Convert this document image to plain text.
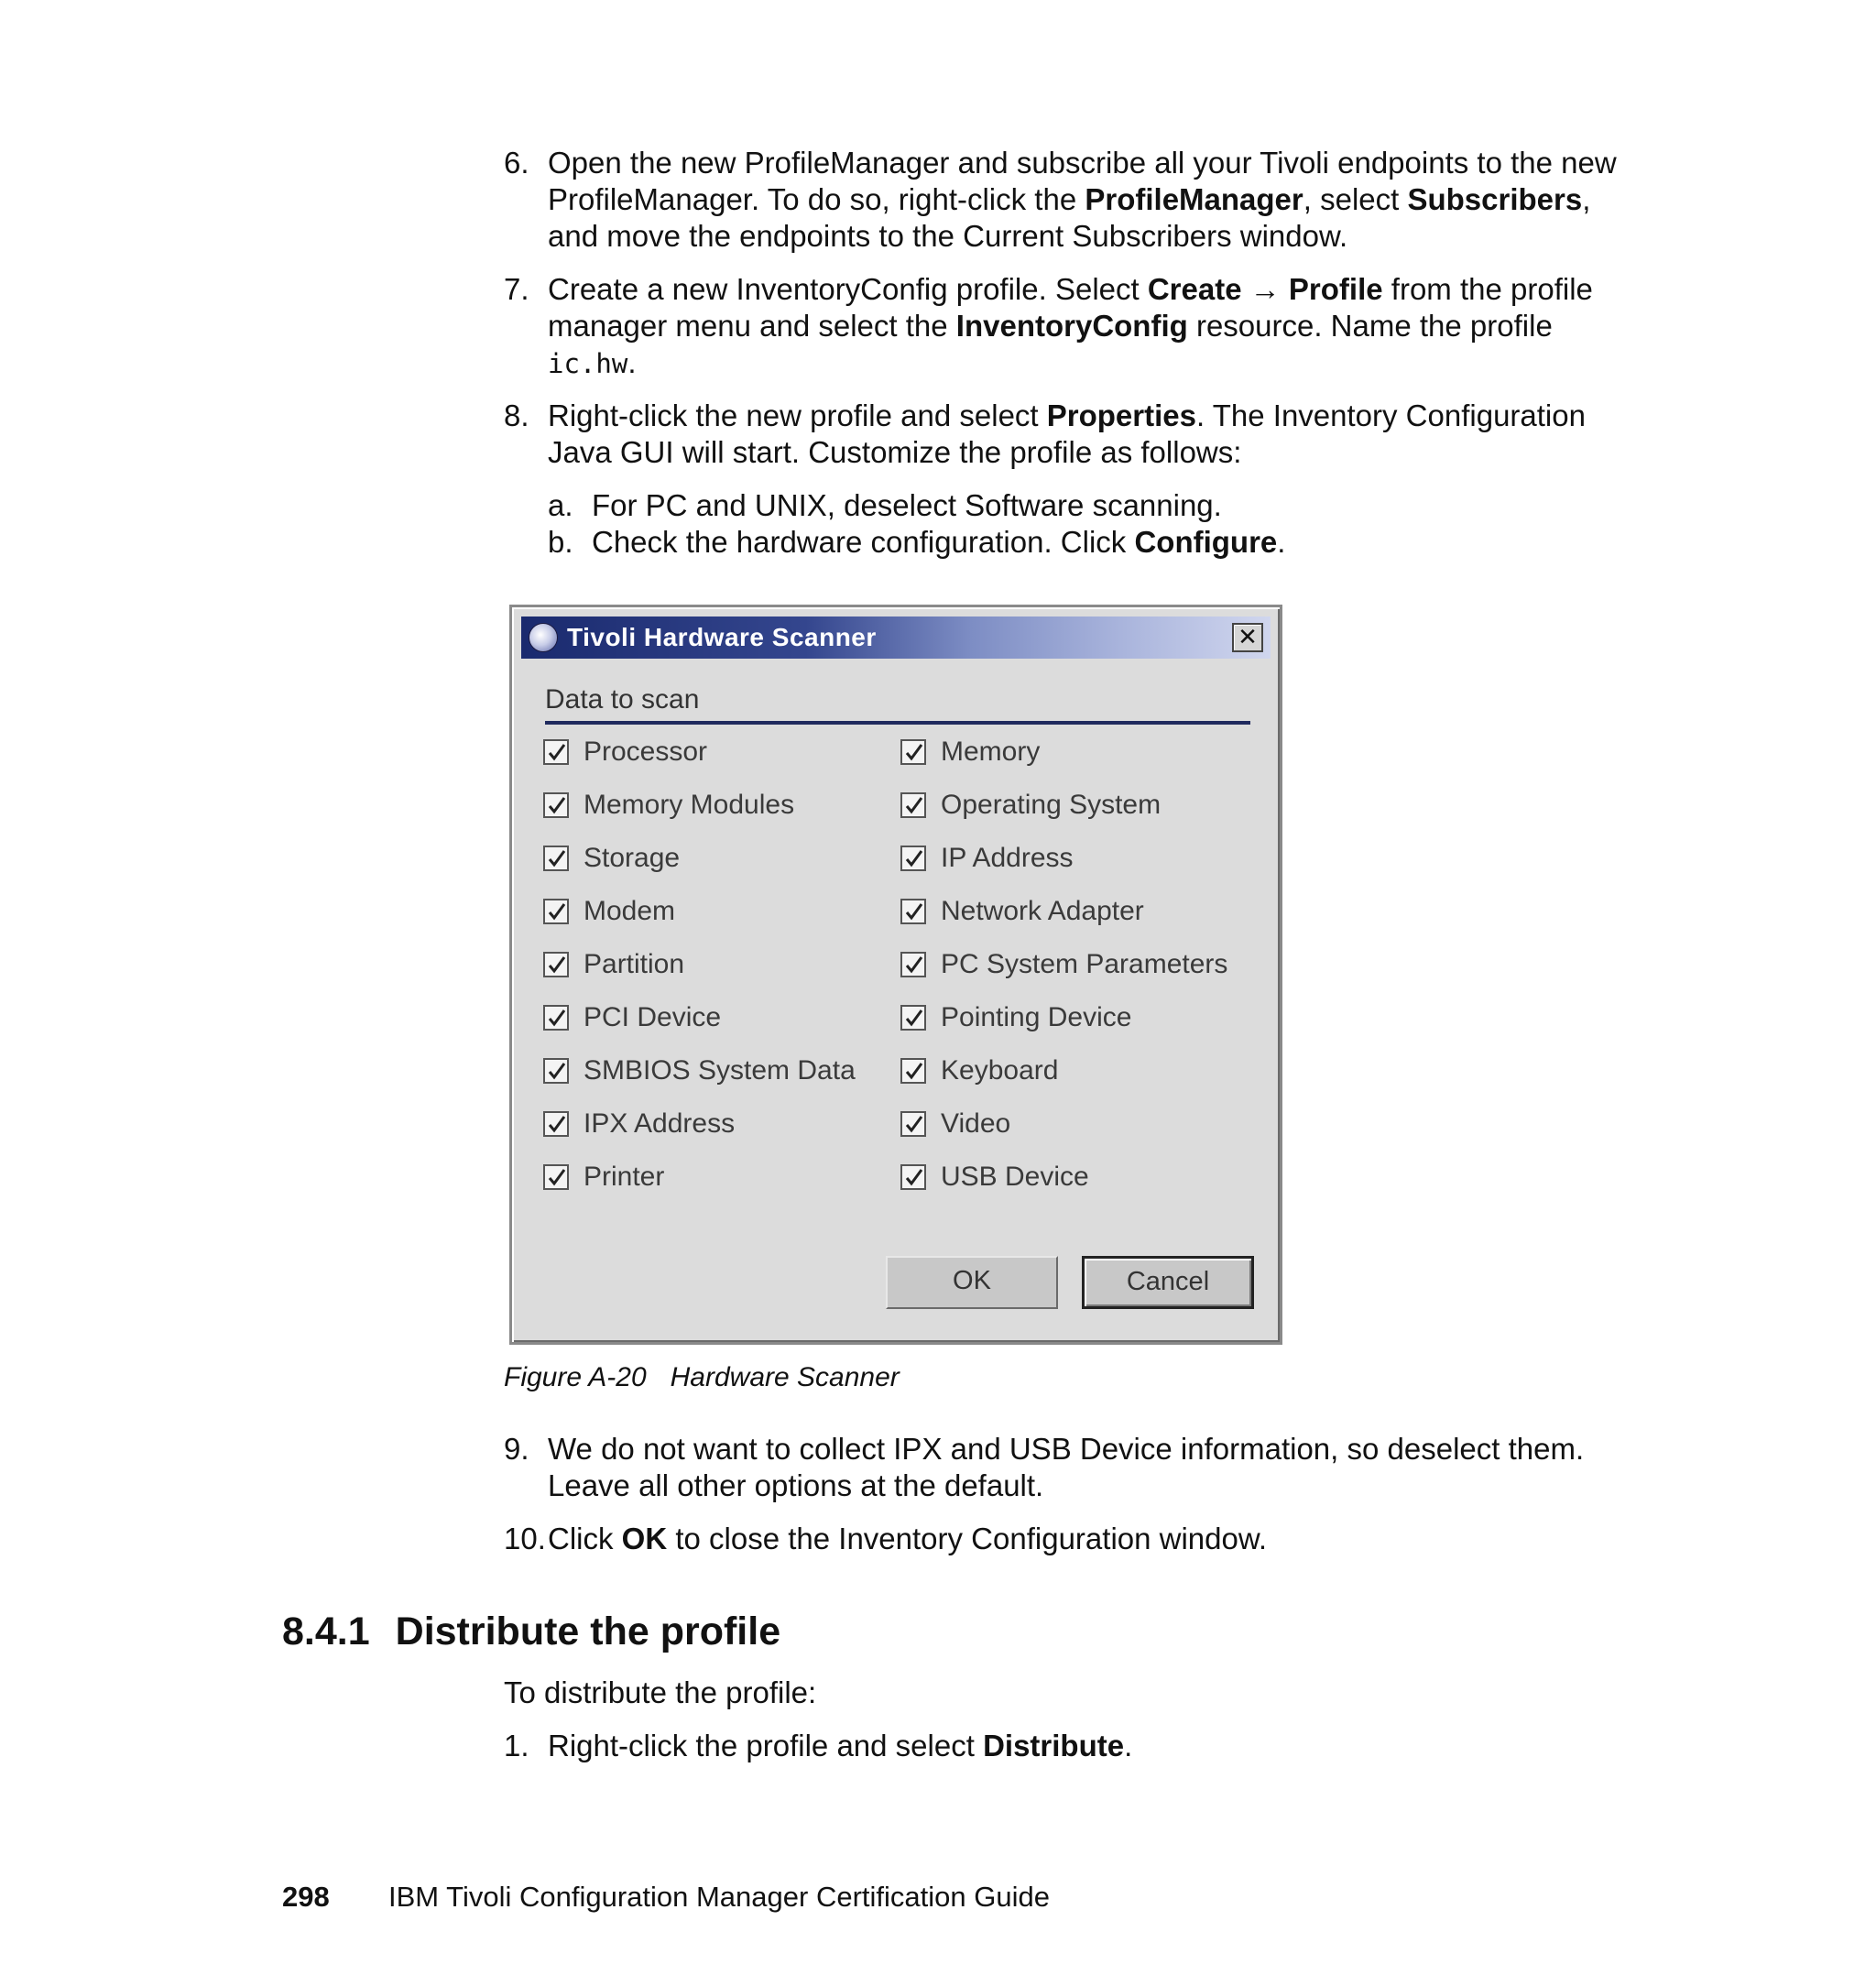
6. Open the new ProfileManager and subscribe all your Tivoli endpoints to the new ProfileManager. To do so, right-click the ProfileManager, select Subscribers, and move the endpoints to the Current Subscribers window.
7. Create a new InventoryConfig profile. Select Create → Profile from the profile manager menu and select the InventoryConfig resource. Name the profile ic.hw.
8. Right-click the new profile and select Properties. The Inventory Configuration Java GUI will start. Customize the profile as follows:
a. For PC and UNIX, deselect Software scanning.
b. Check the hardware configuration. Click Configure.
Tivoli Hardware Scanner	✕
Data to scan
Processor
Memory Modules
Storage
Modem
Partition
PCI Device
SMBIOS System Data
IPX Address
Printer
Memory
Operating System
IP Address
Network Adapter
PC System Parameters
Pointing Device
Keyboard
Video
USB Device
OK	Cancel
Figure A-20 Hardware Scanner
9. We do not want to collect IPX and USB Device information, so deselect them. Leave all other options at the default.
10. Click OK to close the Inventory Configuration window.
8.4.1 Distribute the profile
To distribute the profile:
1. Right-click the profile and select Distribute.
298 IBM Tivoli Configuration Manager Certification Guide
